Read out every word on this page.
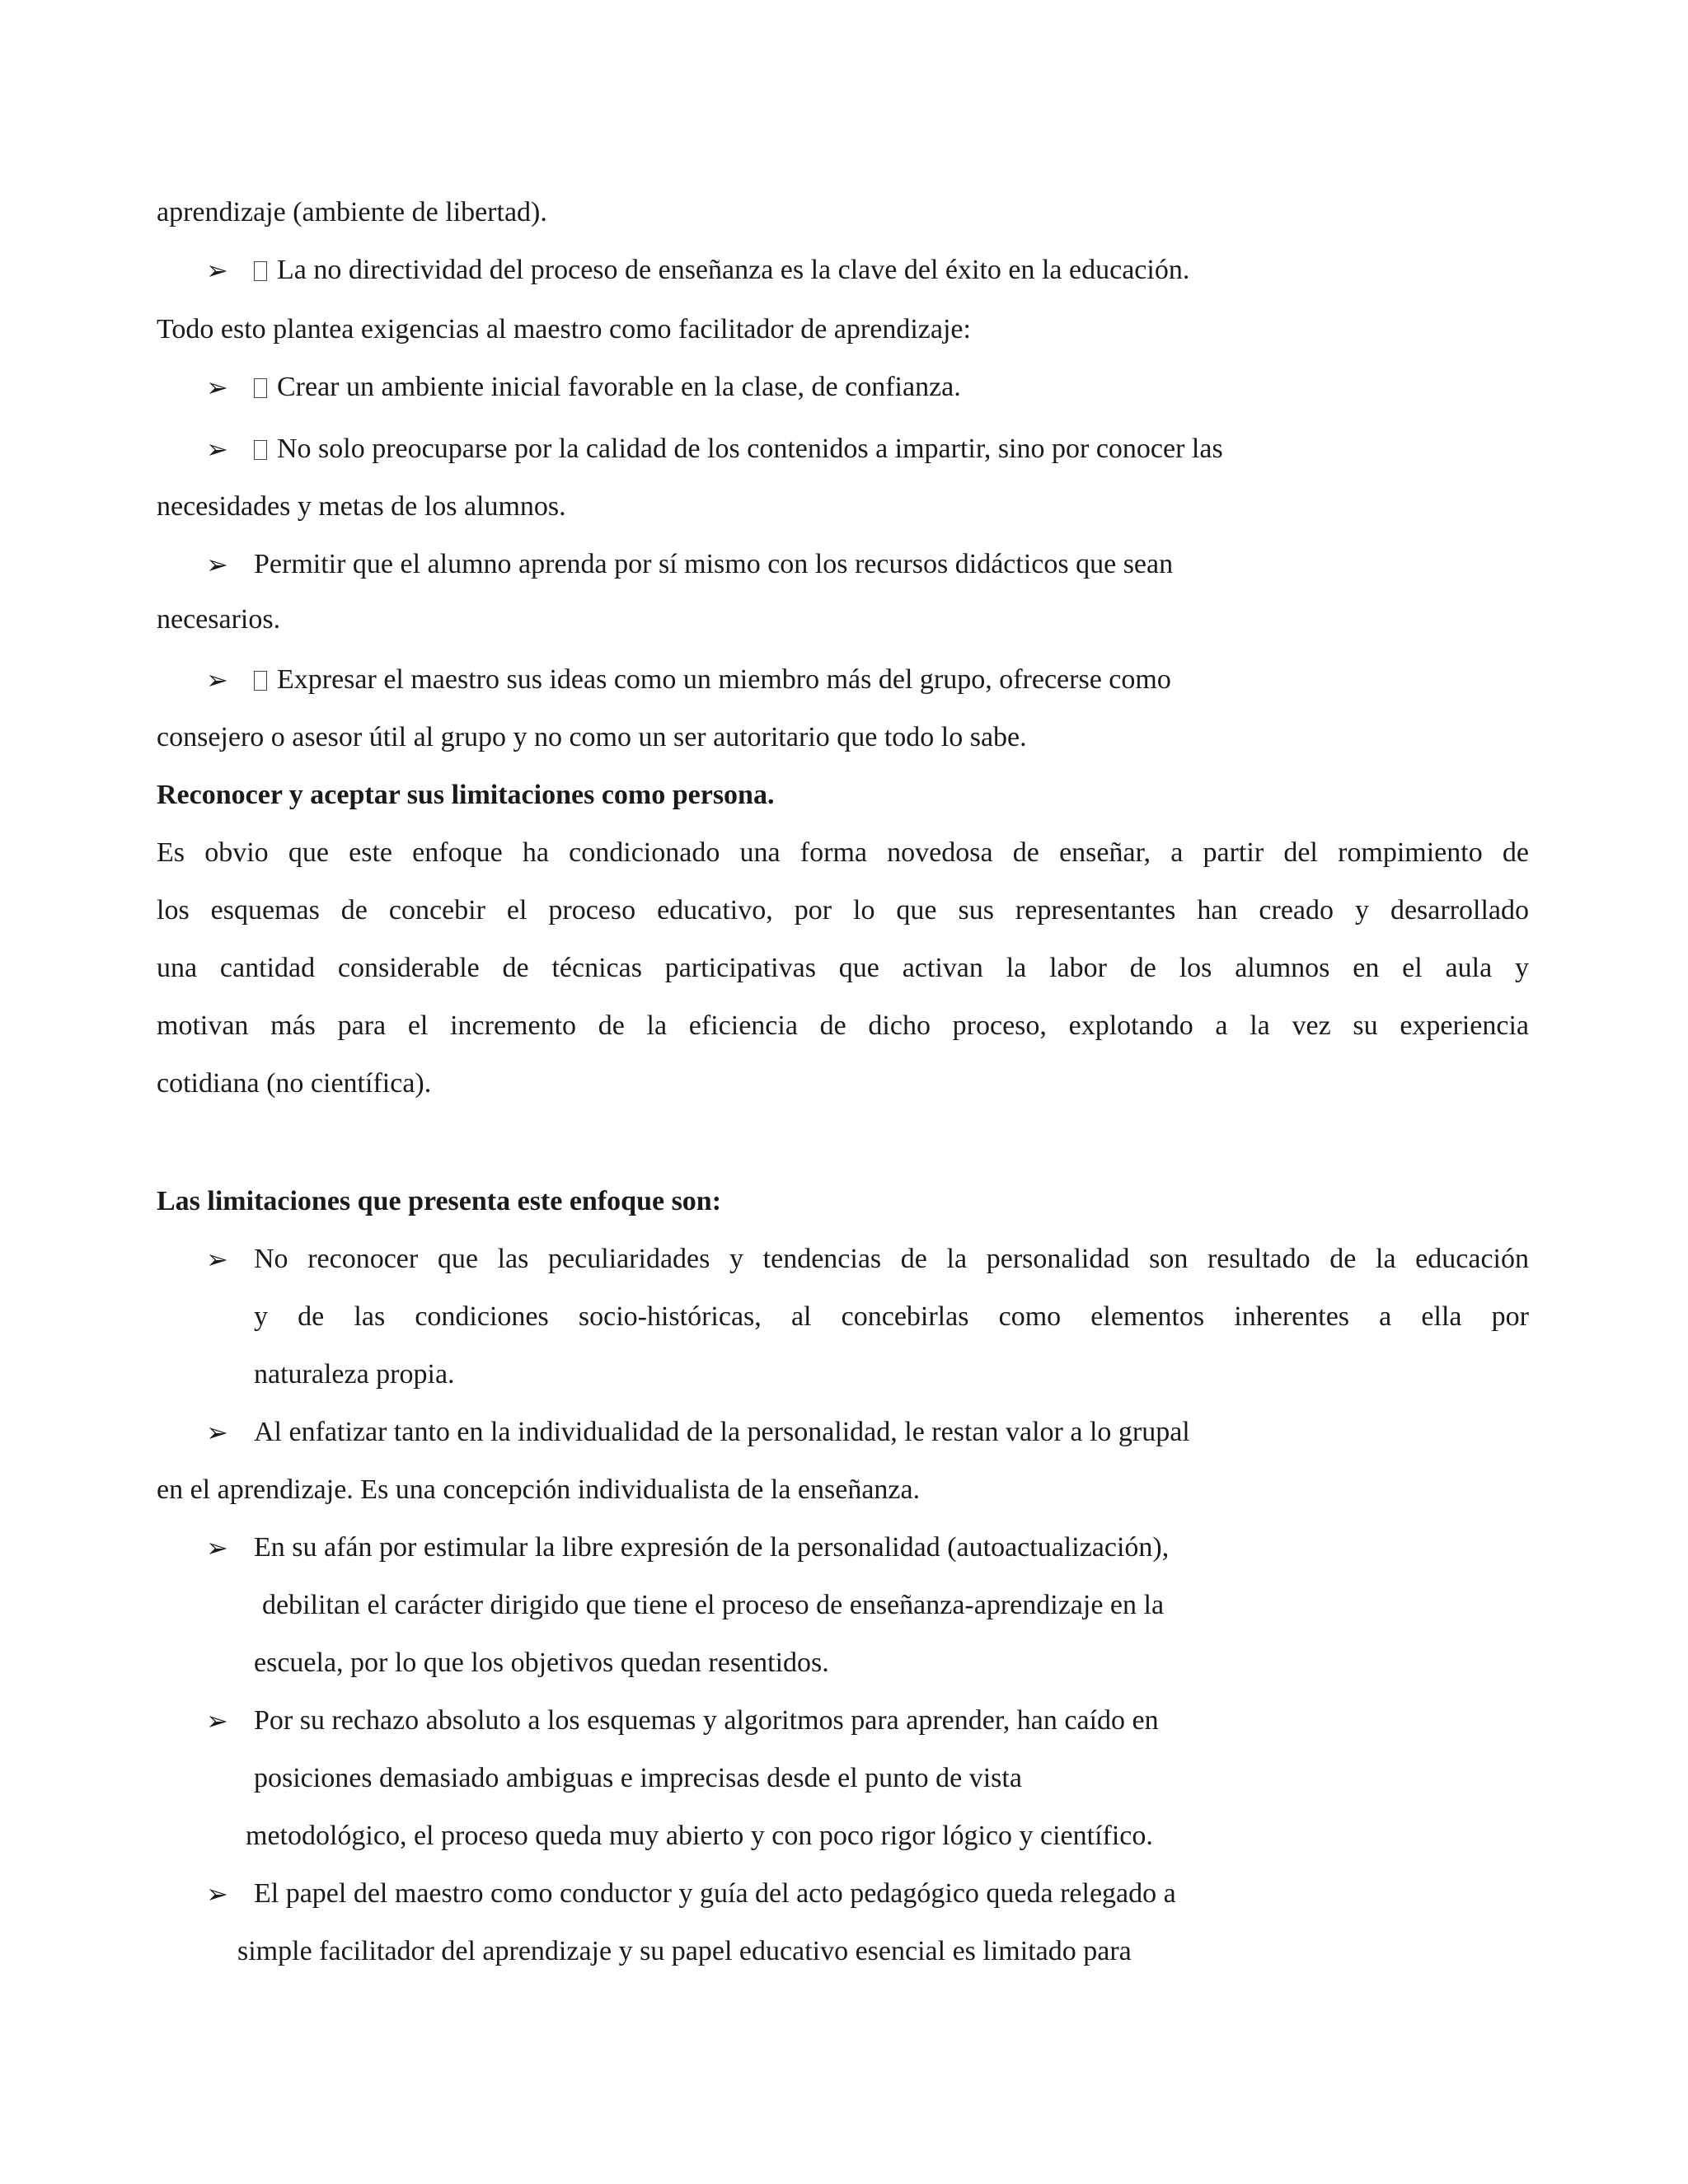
aprendizaje (ambiente de libertad).
➢	La no directividad del proceso de enseñanza es la clave del éxito en la educación.
Todo esto plantea exigencias al maestro como facilitador de aprendizaje:
➢	Crear un ambiente inicial favorable en la clase, de confianza.
➢	No solo preocuparse por la calidad de los contenidos a impartir, sino por conocer las
necesidades y metas de los alumnos.
➢ Permitir que el alumno aprenda por sí mismo con los recursos didácticos que sean
necesarios.
➢	Expresar el maestro sus ideas como un miembro más del grupo, ofrecerse como
consejero o asesor útil al grupo y no como un ser autoritario que todo lo sabe.
Reconocer y aceptar sus limitaciones como persona.
Es obvio que este enfoque ha condicionado una forma novedosa de enseñar, a partir del rompimiento de
los esquemas de concebir el proceso educativo, por lo que sus representantes han creado y desarrollado
una cantidad considerable de técnicas participativas que activan la labor de los alumnos en el aula y
motivan más para el incremento de la eficiencia de dicho proceso, explotando a la vez su experiencia
cotidiana (no científica).
Las limitaciones que presenta este enfoque son:
➢ No reconocer que las peculiaridades y tendencias de la personalidad son resultado de la educación
y de las condiciones socio-históricas, al concebirlas como elementos inherentes a ella por
naturaleza propia.
➢ Al enfatizar tanto en la individualidad de la personalidad, le restan valor a lo grupal
en el aprendizaje. Es una concepción individualista de la enseñanza.
➢ En su afán por estimular la libre expresión de la personalidad (autoactualización),
debilitan el carácter dirigido que tiene el proceso de enseñanza-aprendizaje en la
escuela, por lo que los objetivos quedan resentidos.
➢ Por su rechazo absoluto a los esquemas y algoritmos para aprender, han caído en
posiciones demasiado ambiguas e imprecisas desde el punto de vista
metodológico, el proceso queda muy abierto y con poco rigor lógico y científico.
➢ El papel del maestro como conductor y guía del acto pedagógico queda relegado a
simple facilitador del aprendizaje y su papel educativo esencial es limitado para
